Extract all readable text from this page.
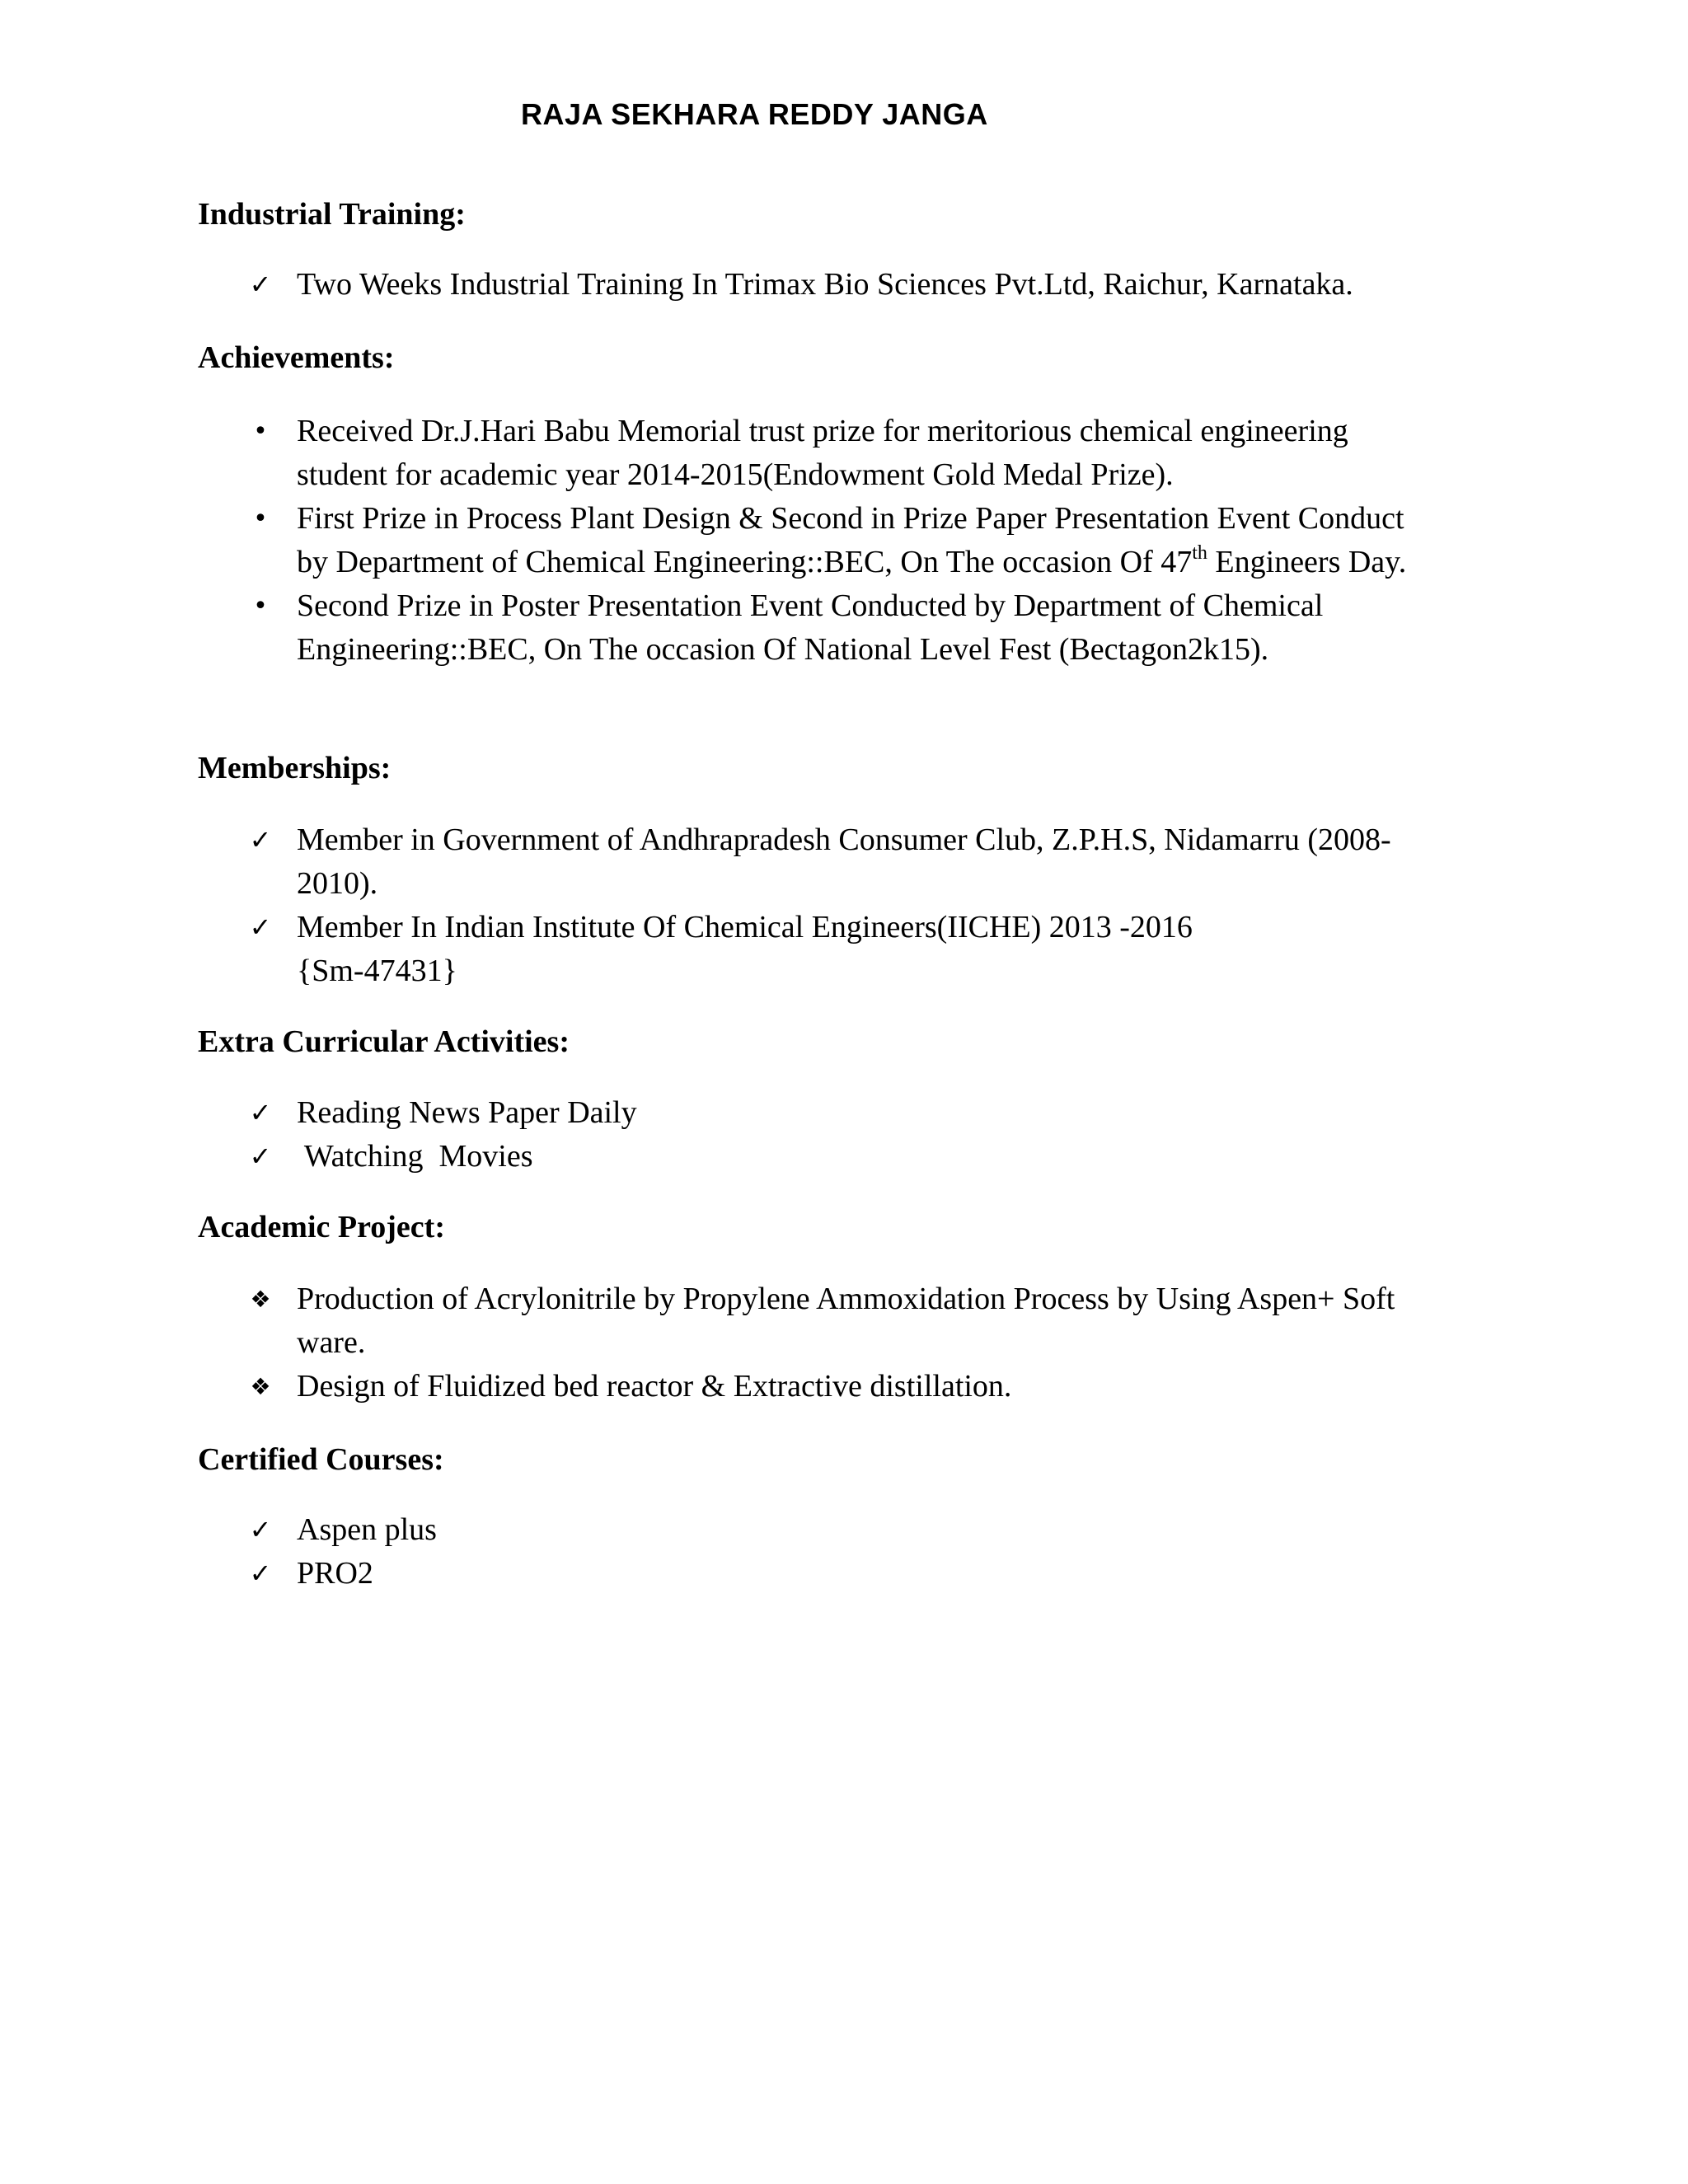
RAJA SEKHARA REDDY JANGA
Industrial Training:
✓ Two Weeks Industrial Training In Trimax Bio Sciences Pvt.Ltd, Raichur, Karnataka.
Achievements:
• Received Dr.J.Hari Babu Memorial trust prize for meritorious chemical engineering
student for academic year 2014-2015(Endowment Gold Medal Prize).
• First Prize in Process Plant Design & Second in Prize Paper Presentation Event Conduct
by Department of Chemical Engineering::BEC, On The occasion Of 47th Engineers Day.
• Second Prize in Poster Presentation Event Conducted by Department of Chemical
Engineering::BEC, On The occasion Of National Level Fest (Bectagon2k15).
Memberships:
✓ Member in Government of Andhrapradesh Consumer Club, Z.P.H.S, Nidamarru (2008-
2010).
✓ Member In Indian Institute Of Chemical Engineers(IICHE) 2013 -2016
{Sm-47431}
Extra Curricular Activities:
✓ Reading News Paper Daily
✓ Watching  Movies
Academic Project:
❖ Production of Acrylonitrile by Propylene Ammoxidation Process by Using Aspen+ Soft
ware.
❖ Design of Fluidized bed reactor & Extractive distillation.
Certified Courses:
✓ Aspen plus
✓ PRO2
